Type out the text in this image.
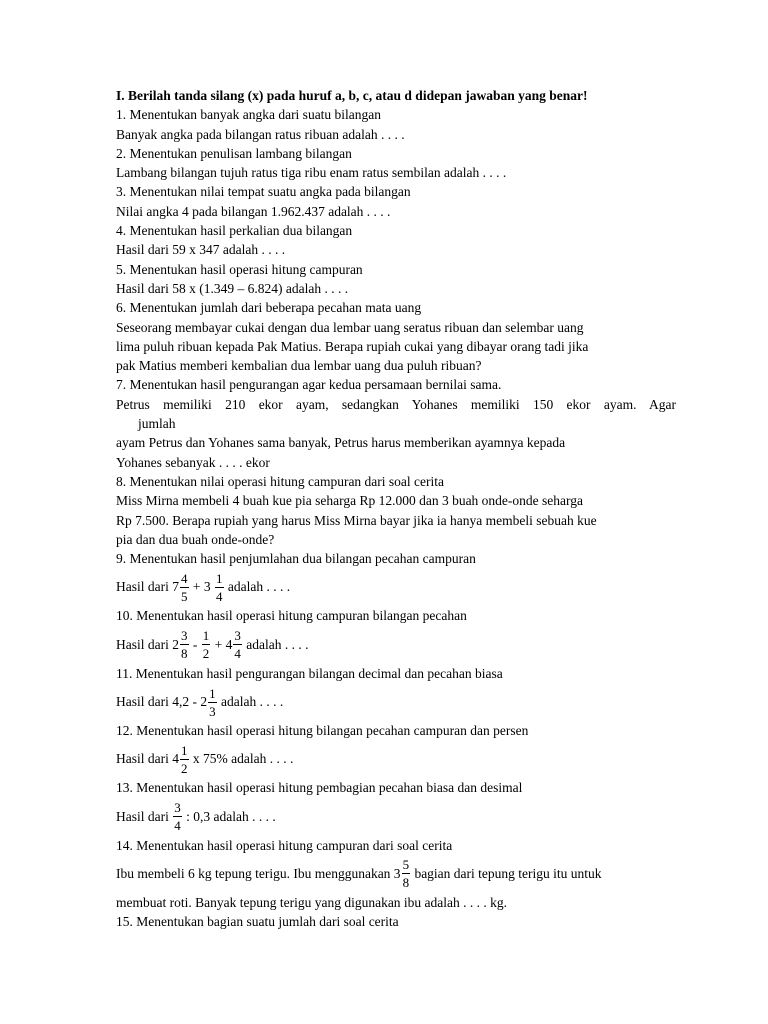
I. Berilah tanda silang (x) pada huruf a, b, c, atau d didepan jawaban yang benar!
1. Menentukan banyak angka dari suatu bilangan
Banyak angka pada bilangan ratus ribuan adalah . . . .
2. Menentukan penulisan lambang bilangan
Lambang bilangan tujuh ratus tiga ribu enam ratus sembilan adalah . . . .
3. Menentukan nilai tempat suatu angka pada bilangan
Nilai angka 4 pada bilangan 1.962.437 adalah . . . .
4. Menentukan hasil perkalian dua bilangan
Hasil dari 59 x 347 adalah . . . .
5. Menentukan hasil operasi hitung campuran
Hasil dari 58 x (1.349 – 6.824) adalah . . . .
6. Menentukan jumlah dari beberapa pecahan mata uang
Seseorang membayar cukai dengan dua lembar uang seratus ribuan dan selembar uang
lima puluh ribuan kepada Pak Matius. Berapa rupiah cukai yang dibayar orang tadi jika
pak Matius memberi kembalian dua lembar uang dua puluh ribuan?
7. Menentukan hasil pengurangan agar kedua persamaan bernilai sama.
Petrus memiliki 210 ekor ayam, sedangkan Yohanes memiliki 150 ekor ayam. Agar
jumlah
ayam Petrus dan Yohanes sama banyak, Petrus harus memberikan ayamnya kepada
Yohanes sebanyak . . . . ekor
8. Menentukan nilai operasi hitung campuran dari soal cerita
Miss Mirna membeli 4 buah kue pia seharga Rp 12.000 dan 3 buah onde-onde seharga
Rp 7.500. Berapa rupiah yang harus Miss Mirna bayar jika ia hanya membeli sebuah kue
pia dan dua buah onde-onde?
9. Menentukan hasil penjumlahan dua bilangan pecahan campuran
Hasil dari $7 \frac{4}{5} + 3 \frac{1}{4}$ adalah . . . .
10. Menentukan hasil operasi hitung campuran bilangan pecahan
Hasil dari $2 \frac{3}{8} - \frac{1}{2} + 4 \frac{3}{4}$ adalah . . . .
11. Menentukan hasil pengurangan bilangan decimal dan pecahan biasa
Hasil dari $4,2 - 2 \frac{1}{3}$ adalah . . . .
12. Menentukan hasil operasi hitung bilangan pecahan campuran dan persen
Hasil dari $4 \frac{1}{2}$ x 75% adalah . . . .
13. Menentukan hasil operasi hitung pembagian pecahan biasa dan desimal
Hasil dari $\frac{3}{4}$ : 0,3 adalah . . . .
14. Menentukan hasil operasi hitung campuran dari soal cerita
Ibu membeli 6 kg tepung terigu. Ibu menggunakan $3 \frac{5}{8}$ bagian dari tepung terigu itu untuk
membuat roti. Banyak tepung terigu yang digunakan ibu adalah . . . . kg.
15. Menentukan bagian suatu jumlah dari soal cerita
